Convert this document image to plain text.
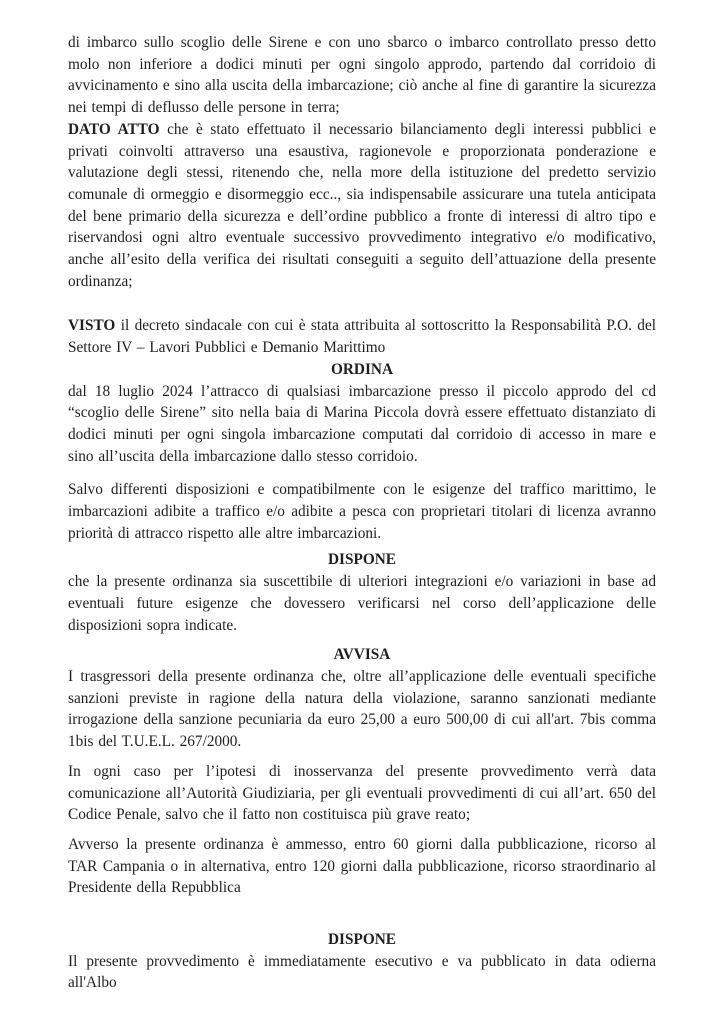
di imbarco sullo scoglio delle Sirene e con uno sbarco o imbarco controllato presso detto molo non inferiore a dodici minuti per ogni singolo approdo, partendo dal corridoio di avvicinamento e sino alla uscita della imbarcazione; ciò anche al fine di garantire la sicurezza nei tempi di deflusso delle persone in terra;

DATO ATTO che è stato effettuato il necessario bilanciamento degli interessi pubblici e privati coinvolti attraverso una esaustiva, ragionevole e proporzionata ponderazione e valutazione degli stessi, ritenendo che, nella more della istituzione del predetto servizio comunale di ormeggio e disormeggio ecc.., sia indispensabile assicurare una tutela anticipata del bene primario della sicurezza e dell’ordine pubblico a fronte di interessi di altro tipo e riservandosi ogni altro eventuale successivo provvedimento integrativo e/o modificativo, anche all’esito della verifica dei risultati conseguiti a seguito dell’attuazione della presente ordinanza;

VISTO il decreto sindacale con cui è stata attribuita al sottoscritto la Responsabilità P.O. del Settore IV – Lavori Pubblici e Demanio Marittimo

ORDINA

dal 18 luglio 2024 l’attracco di qualsiasi imbarcazione presso il piccolo approdo del cd “scoglio delle Sirene” sito nella baia di Marina Piccola dovrà essere effettuato distanziato di dodici minuti per ogni singola imbarcazione computati dal corridoio di accesso in mare e sino all’uscita della imbarcazione dallo stesso corridoio.

Salvo differenti disposizioni e compatibilmente con le esigenze del traffico marittimo, le imbarcazioni adibite a traffico e/o adibite a pesca con proprietari titolari di licenza avranno priorità di attracco rispetto alle altre imbarcazioni.

DISPONE

che la presente ordinanza sia suscettibile di ulteriori integrazioni e/o variazioni in base ad eventuali future esigenze che dovessero verificarsi nel corso dell’applicazione delle disposizioni sopra indicate.

AVVISA

I trasgressori della presente ordinanza che, oltre all’applicazione delle eventuali specifiche sanzioni previste in ragione della natura della violazione, saranno sanzionati mediante irrogazione della sanzione pecuniaria da euro 25,00 a euro 500,00 di cui all'art. 7bis comma 1bis del T.U.E.L. 267/2000.

In ogni caso per l’ipotesi di inosservanza del presente provvedimento verrà data comunicazione all’Autorità Giudiziaria, per gli eventuali provvedimenti di cui all’art. 650 del Codice Penale, salvo che il fatto non costituisca più grave reato;

Avverso la presente ordinanza è ammesso, entro 60 giorni dalla pubblicazione, ricorso al TAR Campania o in alternativa, entro 120 giorni dalla pubblicazione, ricorso straordinario al Presidente della Repubblica

DISPONE

Il presente provvedimento è immediatamente esecutivo e va pubblicato in data odierna all'Albo
